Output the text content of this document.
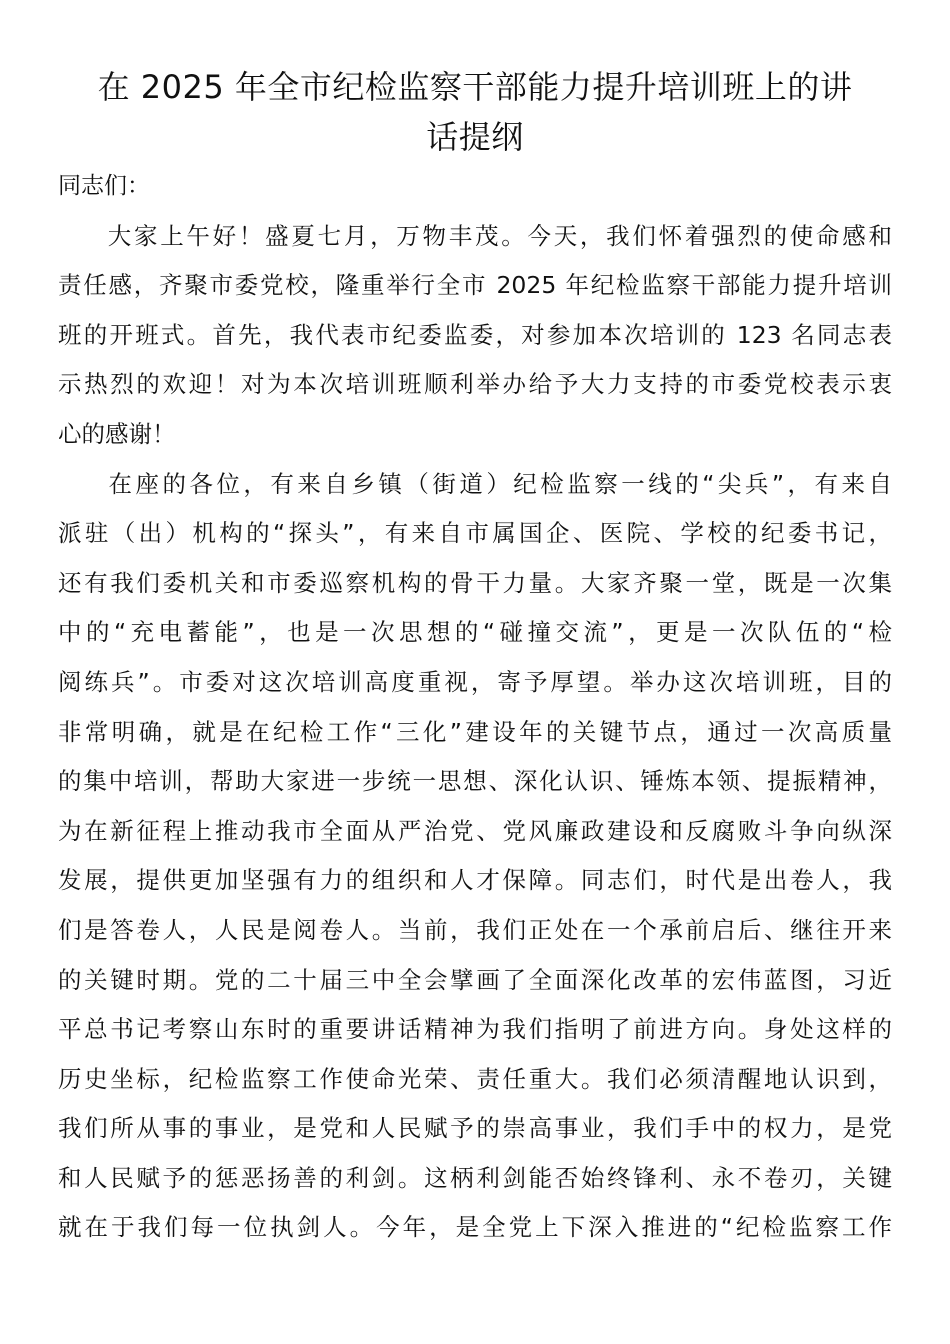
在 2025 年全市纪检监察干部能力提升培训班上的讲
话提纲

同志们：

大家上午好！盛夏七月，万物丰茂。今天，我们怀着强烈的使命感和
责任感，齐聚市委党校，隆重举行全市 2025 年纪检监察干部能力提升培训
班的开班式。首先，我代表市纪委监委，对参加本次培训的 123 名同志表
示热烈的欢迎！对为本次培训班顺利举办给予大力支持的市委党校表示衷
心的感谢！
在座的各位，有来自乡镇（街道）纪检监察一线的“尖兵”，有来自
派驻（出）机构的“探头”，有来自市属国企、医院、学校的纪委书记，
还有我们委机关和市委巡察机构的骨干力量。大家齐聚一堂，既是一次集
中的“充电蓄能”，也是一次思想的“碰撞交流”，更是一次队伍的“检
阅练兵”。市委对这次培训高度重视，寄予厚望。举办这次培训班，目的
非常明确，就是在纪检工作“三化”建设年的关键节点，通过一次高质量
的集中培训，帮助大家进一步统一思想、深化认识、锤炼本领、提振精神，
为在新征程上推动我市全面从严治党、党风廉政建设和反腐败斗争向纵深
发展，提供更加坚强有力的组织和人才保障。同志们，时代是出卷人，我
们是答卷人，人民是阅卷人。当前，我们正处在一个承前启后、继往开来
的关键时期。党的二十届三中全会擘画了全面深化改革的宏伟蓝图，习近
平总书记考察山东时的重要讲话精神为我们指明了前进方向。身处这样的
历史坐标，纪检监察工作使命光荣、责任重大。我们必须清醒地认识到，
我们所从事的事业，是党和人民赋予的崇高事业，我们手中的权力，是党
和人民赋予的惩恶扬善的利剑。这柄利剑能否始终锋利、永不卷刃，关键
就在于我们每一位执剑人。今年，是全党上下深入推进的“纪检监察工作
